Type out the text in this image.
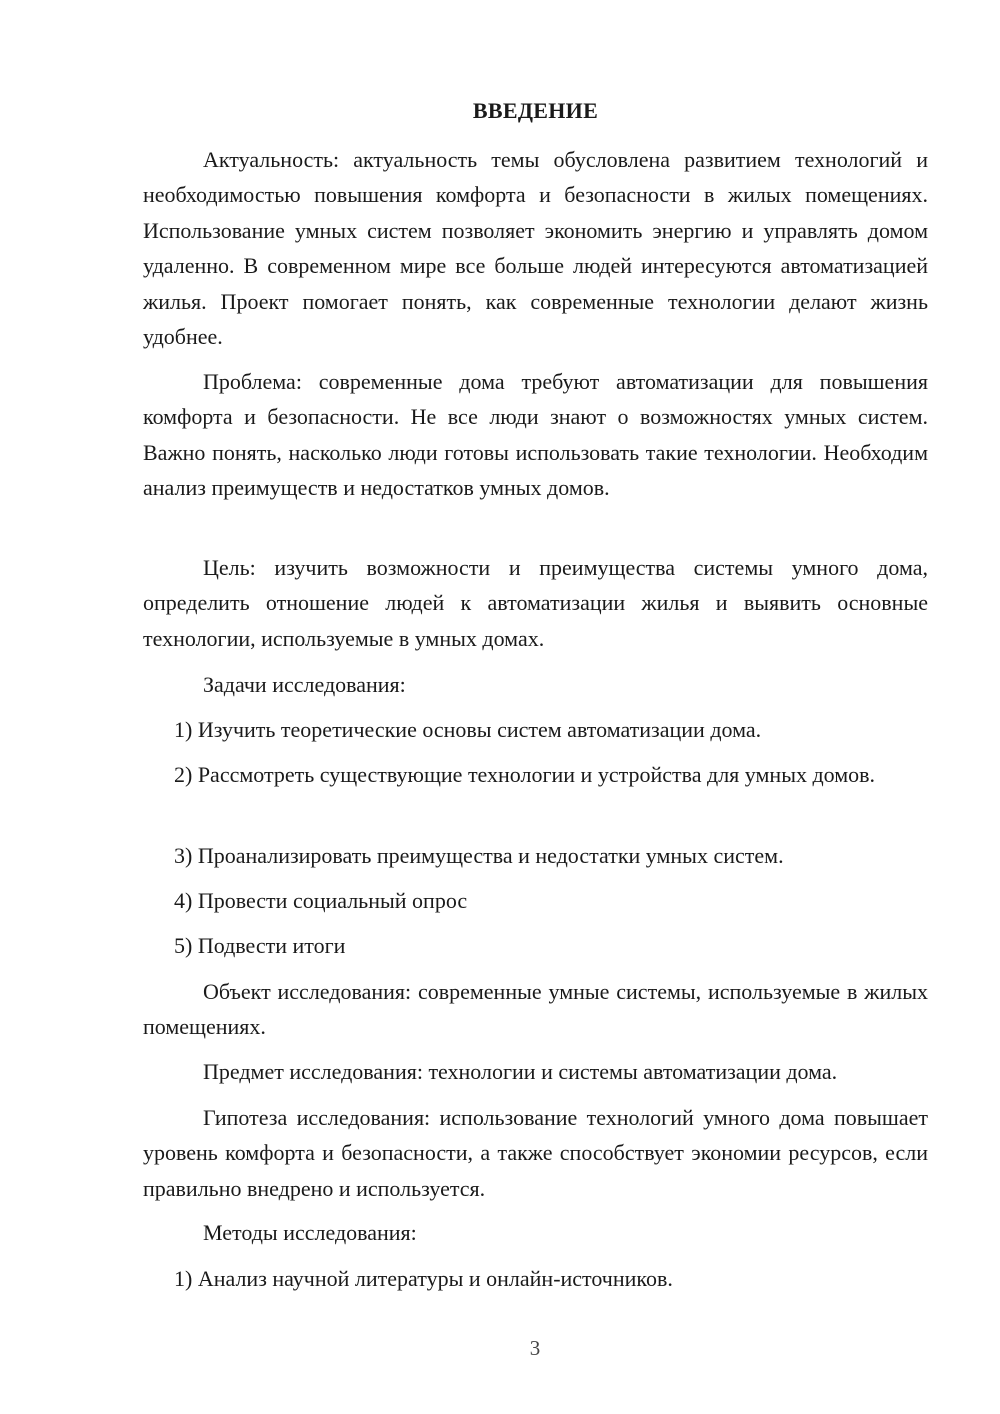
ВВЕДЕНИЕ

Актуальность: актуальность темы обусловлена развитием технологий и необходимостью повышения комфорта и безопасности в жилых помещениях. Использование умных систем позволяет экономить энергию и управлять домом удаленно. В современном мире все больше людей интересуются автоматизацией жилья. Проект помогает понять, как современные технологии делают жизнь удобнее.

Проблема: современные дома требуют автоматизации для повышения комфорта и безопасности. Не все люди знают о возможностях умных систем. Важно понять, насколько люди готовы использовать такие технологии. Необходим анализ преимуществ и недостатков умных домов.

Цель: изучить возможности и преимущества системы умного дома, определить отношение людей к автоматизации жилья и выявить основные технологии, используемые в умных домах.

Задачи исследования:

1) Изучить теоретические основы систем автоматизации дома.

2) Рассмотреть существующие технологии и устройства для умных домов.

3) Проанализировать преимущества и недостатки умных систем.

4) Провести социальный опрос

5) Подвести итоги

Объект исследования: современные умные системы, используемые в жилых помещениях.

Предмет исследования: технологии и системы автоматизации дома.

Гипотеза исследования: использование технологий умного дома повышает уровень комфорта и безопасности, а также способствует экономии ресурсов, если правильно внедрено и используется.

Методы исследования:

1) Анализ научной литературы и онлайн-источников.

3
